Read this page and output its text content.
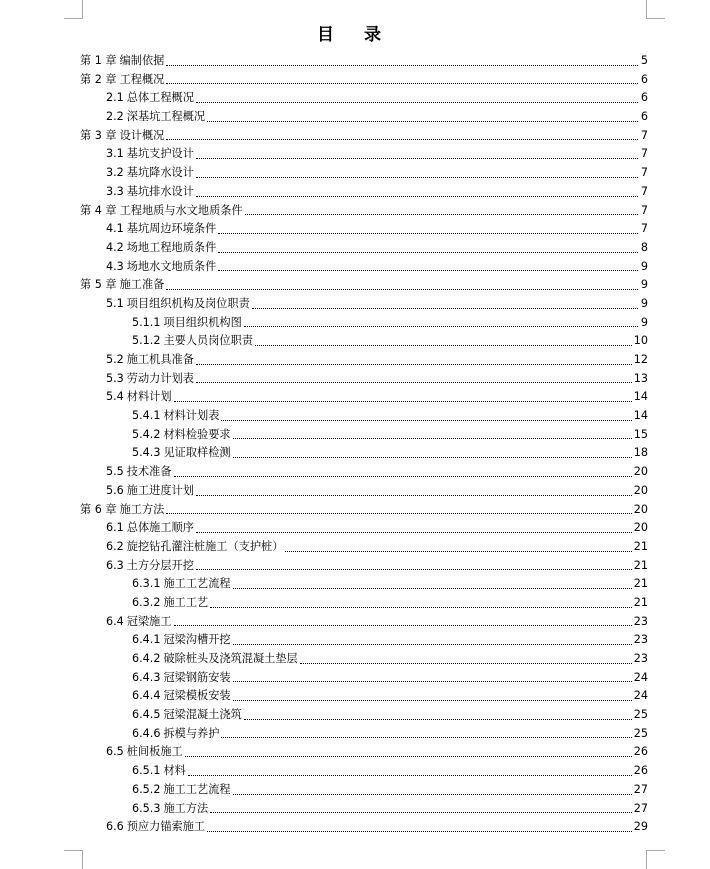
目 录
第 1 章 编制依据	5
第 2 章 工程概况	6
2.1 总体工程概况	6
2.2 深基坑工程概况	6
第 3 章 设计概况	7
3.1 基坑支护设计	7
3.2 基坑降水设计	7
3.3 基坑排水设计	7
第 4 章 工程地质与水文地质条件	7
4.1 基坑周边环境条件	7
4.2 场地工程地质条件	8
4.3 场地水文地质条件	9
第 5 章 施工准备	9
5.1 项目组织机构及岗位职责	9
5.1.1 项目组织机构图	9
5.1.2 主要人员岗位职责	10
5.2 施工机具准备	12
5.3 劳动力计划表	13
5.4 材料计划	14
5.4.1 材料计划表	14
5.4.2 材料检验要求	15
5.4.3 见证取样检测	18
5.5 技术准备	20
5.6 施工进度计划	20
第 6 章 施工方法	20
6.1 总体施工顺序	20
6.2 旋挖钻孔灌注桩施工（支护桩）	21
6.3 土方分层开挖	21
6.3.1 施工工艺流程	21
6.3.2 施工工艺	21
6.4 冠梁施工	23
6.4.1 冠梁沟槽开挖	23
6.4.2 破除桩头及浇筑混凝土垫层	23
6.4.3 冠梁钢筋安装	24
6.4.4 冠梁模板安装	24
6.4.5 冠梁混凝土浇筑	25
6.4.6 拆模与养护	25
6.5 桩间板施工	26
6.5.1 材料	26
6.5.2 施工工艺流程	27
6.5.3 施工方法	27
6.6 预应力锚索施工	29
